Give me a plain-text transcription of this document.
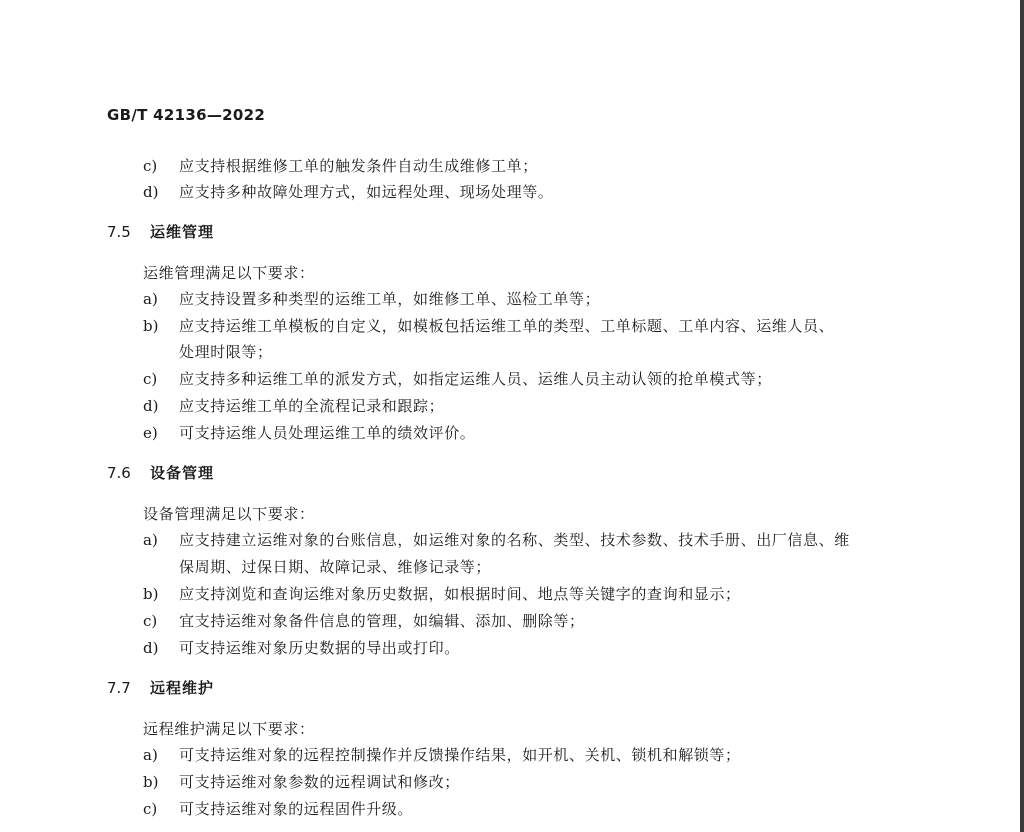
GB/T 42136—2022
c) 应支持根据维修工单的触发条件自动生成维修工单；
d) 应支持多种故障处理方式，如远程处理、现场处理等。
7.5 运维管理
运维管理满足以下要求：
a) 应支持设置多种类型的运维工单，如维修工单、巡检工单等；
b) 应支持运维工单模板的自定义，如模板包括运维工单的类型、工单标题、工单内容、运维人员、
处理时限等；
c) 应支持多种运维工单的派发方式，如指定运维人员、运维人员主动认领的抢单模式等；
d) 应支持运维工单的全流程记录和跟踪；
e) 可支持运维人员处理运维工单的绩效评价。
7.6 设备管理
设备管理满足以下要求：
a) 应支持建立运维对象的台账信息，如运维对象的名称、类型、技术参数、技术手册、出厂信息、维
保周期、过保日期、故障记录、维修记录等；
b) 应支持浏览和查询运维对象历史数据，如根据时间、地点等关键字的查询和显示；
c) 宜支持运维对象备件信息的管理，如编辑、添加、删除等；
d) 可支持运维对象历史数据的导出或打印。
7.7 远程维护
远程维护满足以下要求：
a) 可支持运维对象的远程控制操作并反馈操作结果，如开机、关机、锁机和解锁等；
b) 可支持运维对象参数的远程调试和修改；
c) 可支持运维对象的远程固件升级。
